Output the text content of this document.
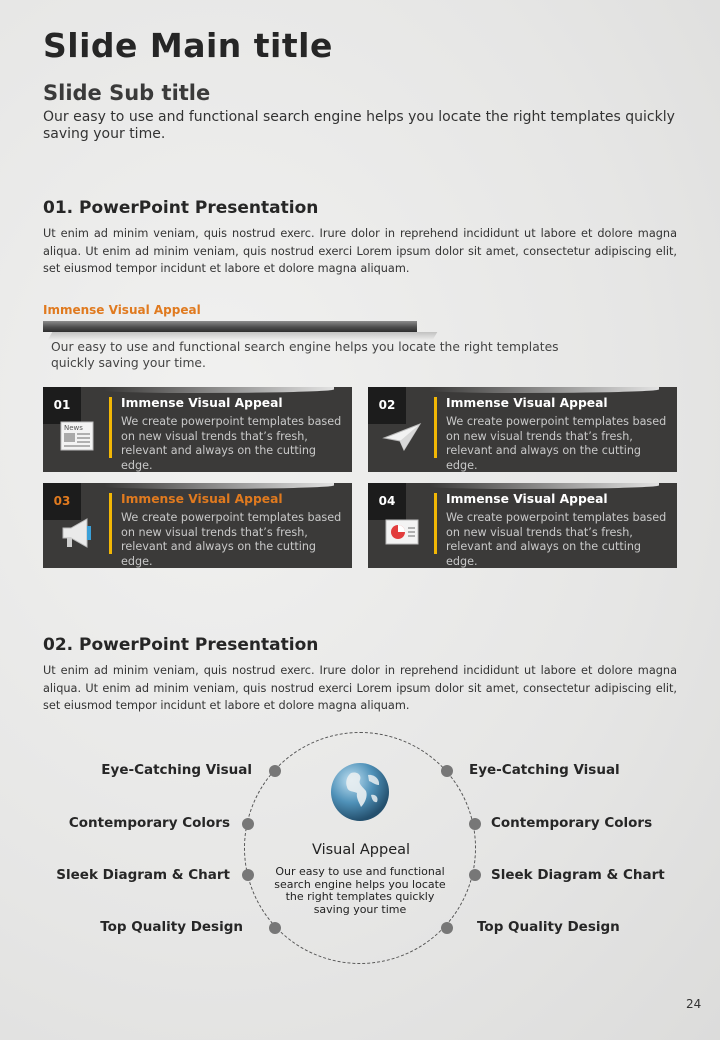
Slide Main title
Slide Sub title
Our easy to use and functional search engine helps you locate the right templates quickly saving your time.
01. PowerPoint Presentation
Ut enim ad minim veniam, quis nostrud exerc. Irure dolor in reprehend incididunt ut labore et dolore magna aliqua. Ut enim ad minim veniam, quis nostrud exerci Lorem ipsum dolor sit amet, consectetur adipiscing elit, set eiusmod tempor incidunt et labore et dolore magna aliquam.
Immense Visual Appeal
Our easy to use and functional search engine helps you locate the right templates quickly saving your time.
01
News
Immense Visual Appeal
We create powerpoint templates based on new visual trends that’s fresh, relevant and always on the cutting edge.
02	Immense Visual Appeal
We create powerpoint templates based on new visual trends that’s fresh, relevant and always on the cutting edge.
03	Immense Visual Appeal
We create powerpoint templates based on new visual trends that’s fresh, relevant and always on the cutting edge.
04	Immense Visual Appeal
We create powerpoint templates based on new visual trends that’s fresh, relevant and always on the cutting edge.
02. PowerPoint Presentation
Ut enim ad minim veniam, quis nostrud exerc. Irure dolor in reprehend incididunt ut labore et dolore magna aliqua. Ut enim ad minim veniam, quis nostrud exerci Lorem ipsum dolor sit amet, consectetur adipiscing elit, set eiusmod tempor incidunt et labore et dolore magna aliquam.
Eye-Catching Visual
Contemporary Colors
Sleek Diagram & Chart
Top Quality Design
Eye-Catching Visual
Contemporary Colors
Sleek Diagram & Chart
Top Quality Design
Visual Appeal
Our easy to use and functional search engine helps you locate the right templates quickly saving your time
24
